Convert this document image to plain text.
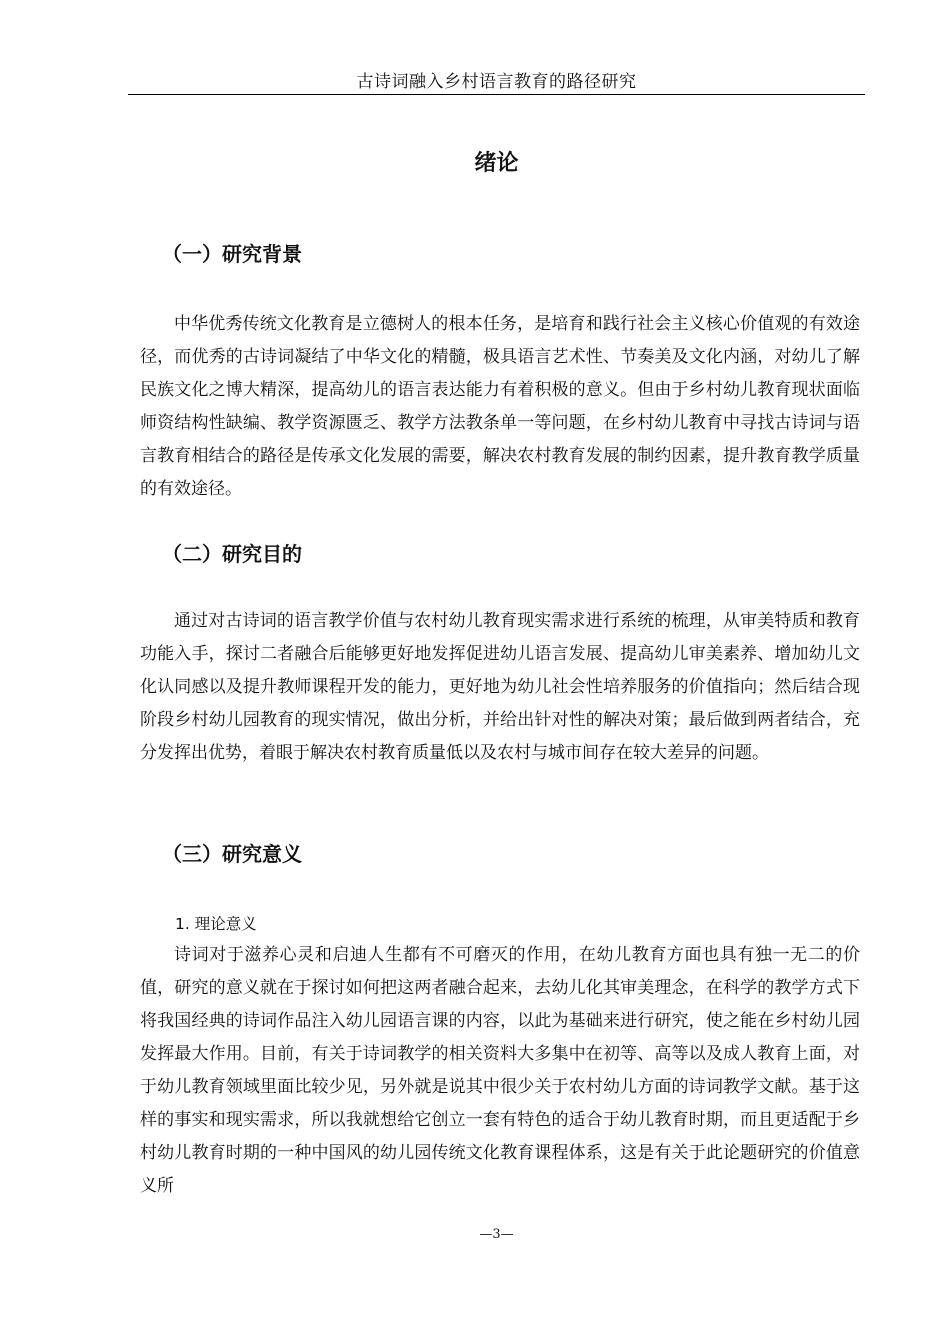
古诗词融入乡村语言教育的路径研究
绪论
（一）研究背景

中华优秀传统文化教育是立德树人的根本任务，是培育和践行社会主义核心价值观的有效途径，而优秀的古诗词凝结了中华文化的精髓，极具语言艺术性、节奏美及文化内涵，对幼儿了解民族文化之博大精深，提高幼儿的语言表达能力有着积极的意义。但由于乡村幼儿教育现状面临师资结构性缺编、教学资源匮乏、教学方法教条单一等问题，在乡村幼儿教育中寻找古诗词与语言教育相结合的路径是传承文化发展的需要，解决农村教育发展的制约因素，提升教育教学质量的有效途径。

（二）研究目的

通过对古诗词的语言教学价值与农村幼儿教育现实需求进行系统的梳理，从审美特质和教育功能入手，探讨二者融合后能够更好地发挥促进幼儿语言发展、提高幼儿审美素养、增加幼儿文化认同感以及提升教师课程开发的能力，更好地为幼儿社会性培养服务的价值指向；然后结合现阶段乡村幼儿园教育的现实情况，做出分析，并给出针对性的解决对策；最后做到两者结合，充分发挥出优势，着眼于解决农村教育质量低以及农村与城市间存在较大差异的问题。

（三）研究意义
1. 理论意义

诗词对于滋养心灵和启迪人生都有不可磨灭的作用，在幼儿教育方面也具有独一无二的价值，研究的意义就在于探讨如何把这两者融合起来，去幼儿化其审美理念，在科学的教学方式下将我国经典的诗词作品注入幼儿园语言课的内容，以此为基础来进行研究，使之能在乡村幼儿园发挥最大作用。目前，有关于诗词教学的相关资料大多集中在初等、高等以及成人教育上面，对于幼儿教育领域里面比较少见，另外就是说其中很少关于农村幼儿方面的诗词教学文献。基于这样的事实和现实需求，所以我就想给它创立一套有特色的适合于幼儿教育时期，而且更适配于乡村幼儿教育时期的一种中国风的幼儿园传统文化教育课程体系，这是有关于此论题研究的价值意义所

—3—
